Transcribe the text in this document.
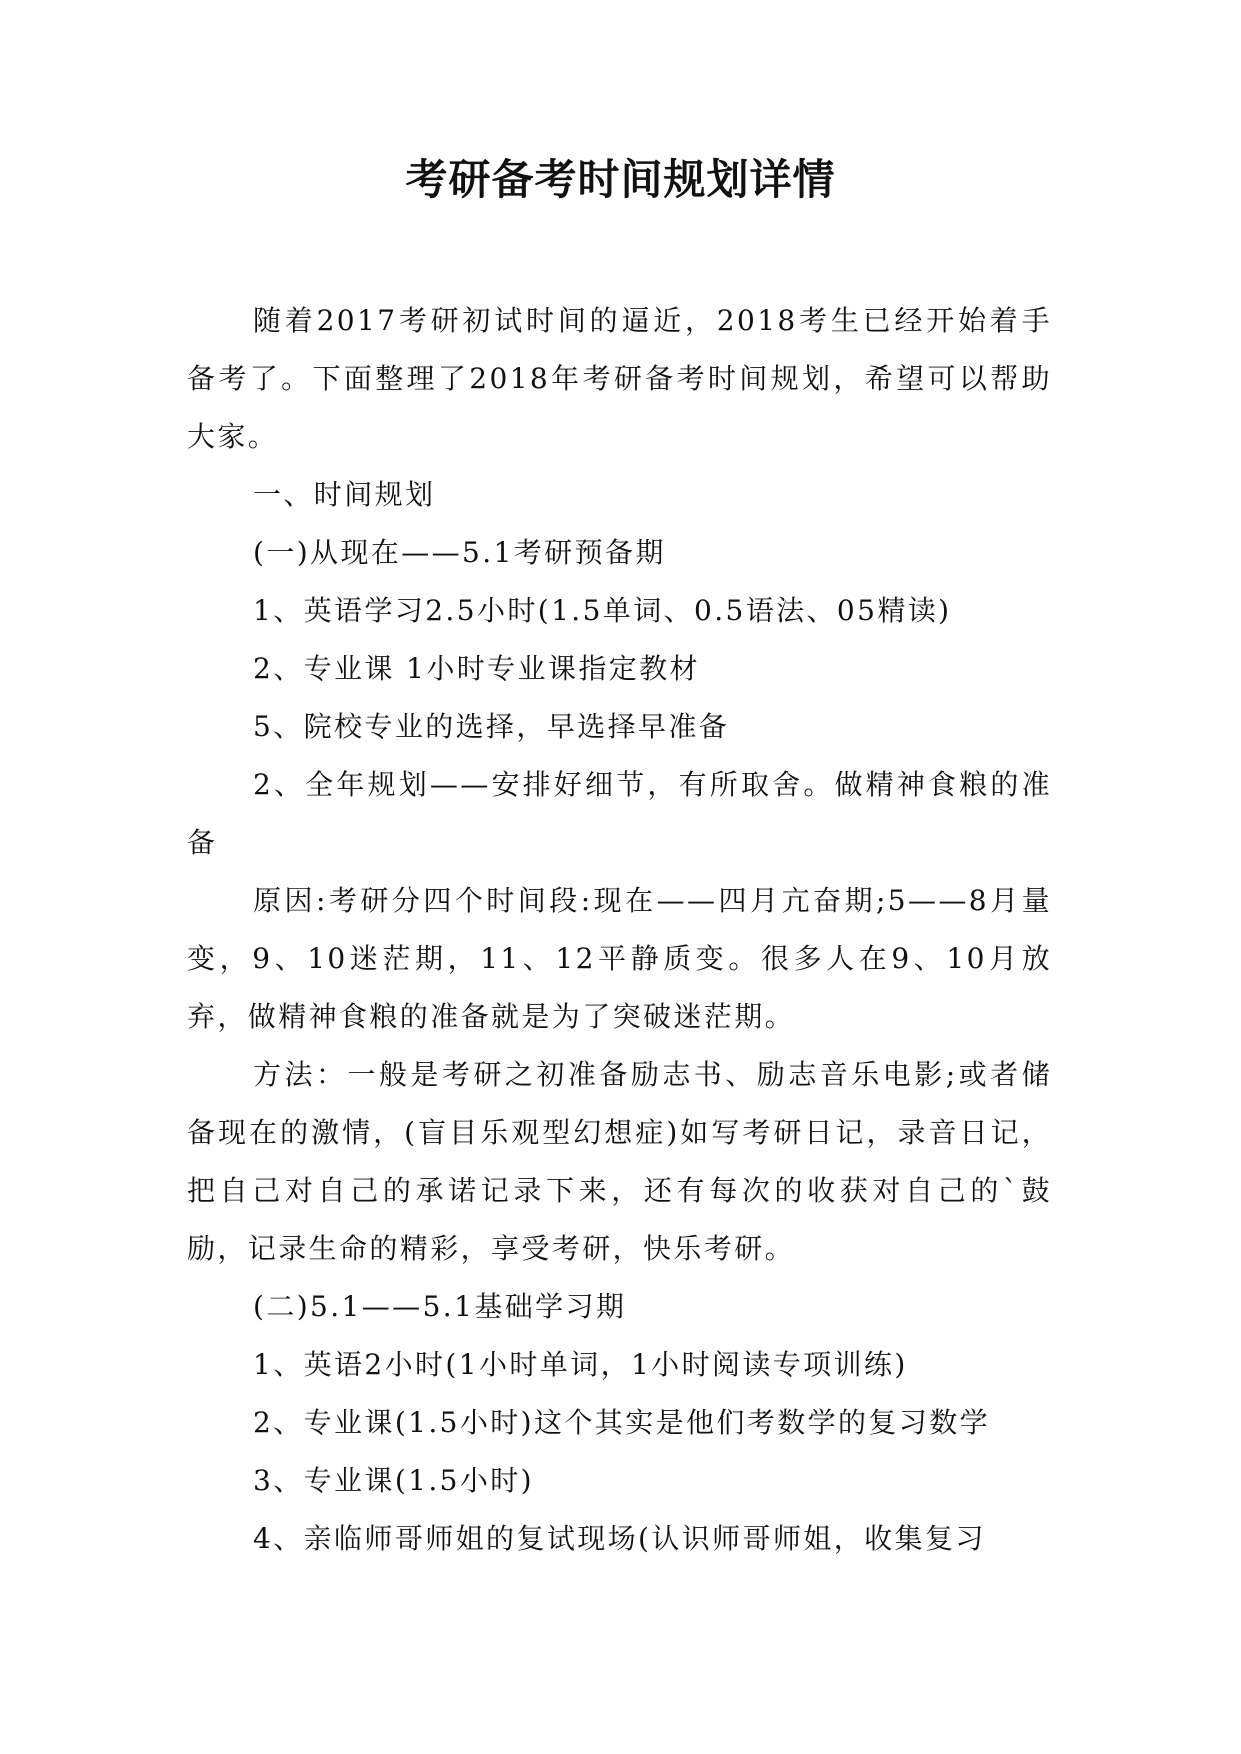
考研备考时间规划详情

随着2017考研初试时间的逼近，2018考生已经开始着手备考了。下面整理了2018年考研备考时间规划，希望可以帮助大家。

一、时间规划

(一)从现在——5.1考研预备期

1、英语学习2.5小时(1.5单词、0.5语法、05精读)

2、专业课 1小时专业课指定教材

5、院校专业的选择，早选择早准备

2、全年规划——安排好细节，有所取舍。做精神食粮的准备

原因:考研分四个时间段:现在——四月亢奋期;5——8月量变，9、10迷茫期，11、12平静质变。很多人在9、10月放弃，做精神食粮的准备就是为了突破迷茫期。

方法：一般是考研之初准备励志书、励志音乐电影;或者储备现在的激情，(盲目乐观型幻想症)如写考研日记，录音日记，把自己对自己的承诺记录下来，还有每次的收获对自己的`鼓励，记录生命的精彩，享受考研，快乐考研。

(二)5.1——5.1基础学习期

1、英语2小时(1小时单词，1小时阅读专项训练)

2、专业课(1.5小时)这个其实是他们考数学的复习数学

3、专业课(1.5小时)

4、亲临师哥师姐的复试现场(认识师哥师姐，收集复习
